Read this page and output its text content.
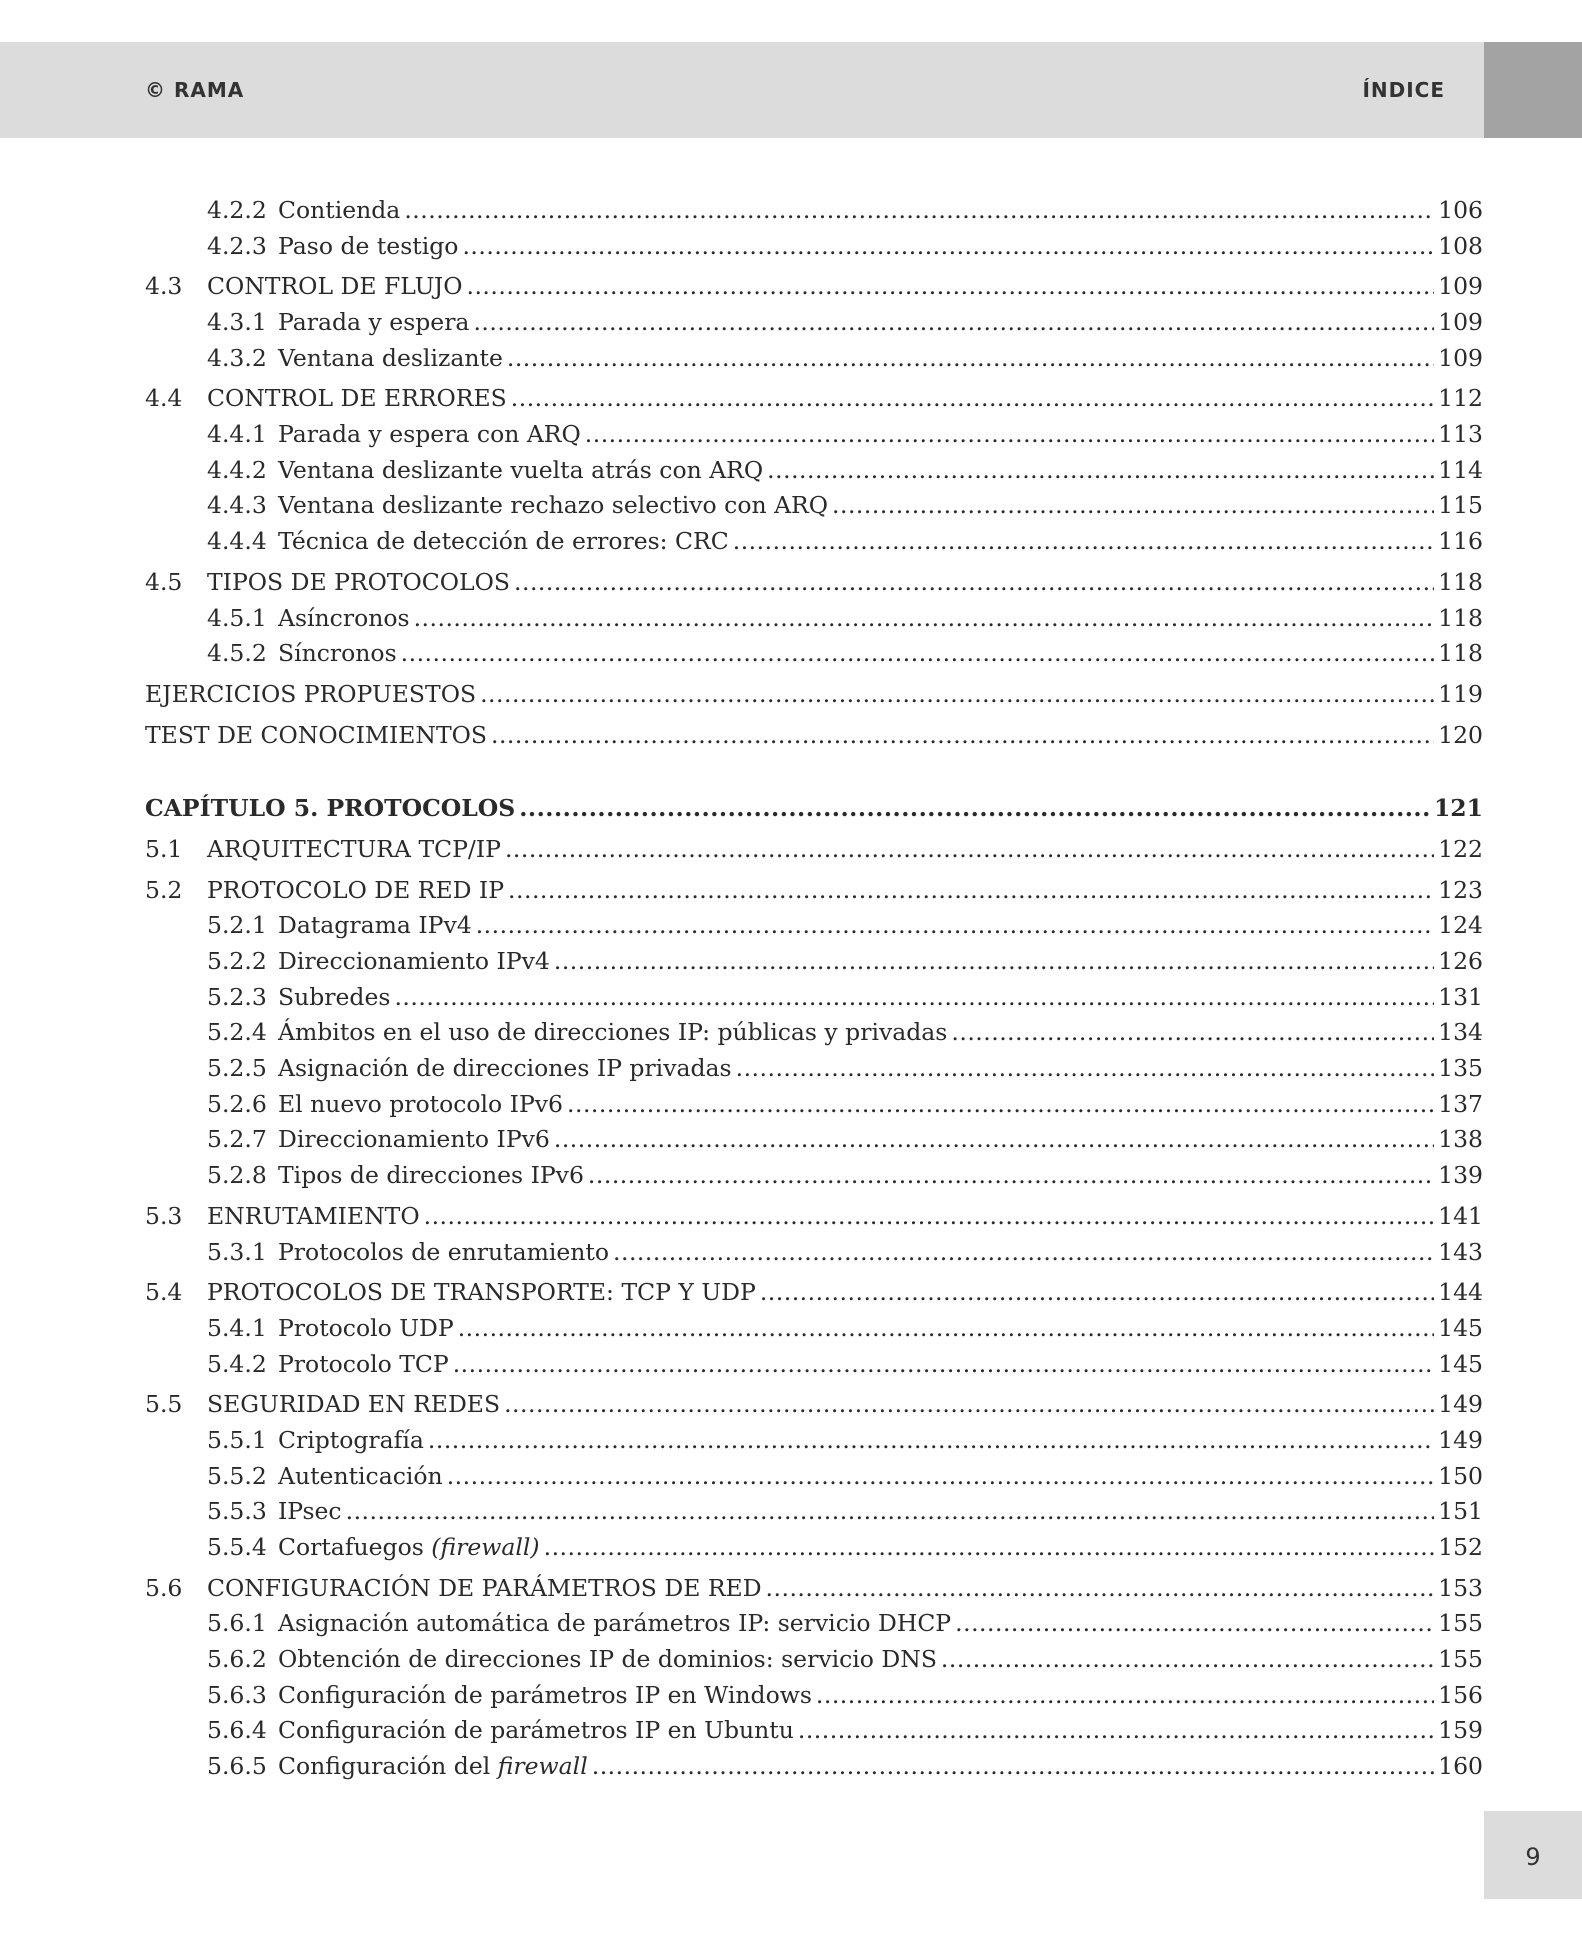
© RAMA	ÍNDICE
4.2.2 Contienda .....	106
4.2.3 Paso de testigo .....	108
4.3	CONTROL DE FLUJO .....	109
4.3.1 Parada y espera .....	109
4.3.2 Ventana deslizante .....	109
4.4	CONTROL DE ERRORES .....	112
4.4.1 Parada y espera con ARQ .....	113
4.4.2 Ventana deslizante vuelta atrás con ARQ .....	114
4.4.3 Ventana deslizante rechazo selectivo con ARQ .....	115
4.4.4 Técnica de detección de errores: CRC .....	116
4.5	TIPOS DE PROTOCOLOS .....	118
4.5.1 Asíncronos .....	118
4.5.2 Síncronos .....	118
EJERCICIOS PROPUESTOS .....	119
TEST DE CONOCIMIENTOS .....	120
CAPÍTULO 5. PROTOCOLOS .....	121
5.1	ARQUITECTURA TCP/IP .....	122
5.2	PROTOCOLO DE RED IP .....	123
5.2.1 Datagrama IPv4 .....	124
5.2.2 Direccionamiento IPv4 .....	126
5.2.3 Subredes .....	131
5.2.4 Ámbitos en el uso de direcciones IP: públicas y privadas .....	134
5.2.5 Asignación de direcciones IP privadas .....	135
5.2.6 El nuevo protocolo IPv6 .....	137
5.2.7 Direccionamiento IPv6 .....	138
5.2.8 Tipos de direcciones IPv6 .....	139
5.3	ENRUTAMIENTO .....	141
5.3.1 Protocolos de enrutamiento .....	143
5.4	PROTOCOLOS DE TRANSPORTE: TCP Y UDP .....	144
5.4.1 Protocolo UDP .....	145
5.4.2 Protocolo TCP .....	145
5.5	SEGURIDAD EN REDES .....	149
5.5.1 Criptografía .....	149
5.5.2 Autenticación .....	150
5.5.3 IPsec .....	151
5.5.4 Cortafuegos (firewall) .....	152
5.6	CONFIGURACIÓN DE PARÁMETROS DE RED .....	153
5.6.1 Asignación automática de parámetros IP: servicio DHCP .....	155
5.6.2 Obtención de direcciones IP de dominios: servicio DNS .....	155
5.6.3 Configuración de parámetros IP en Windows .....	156
5.6.4 Configuración de parámetros IP en Ubuntu .....	159
5.6.5 Configuración del firewall .....	160
9
